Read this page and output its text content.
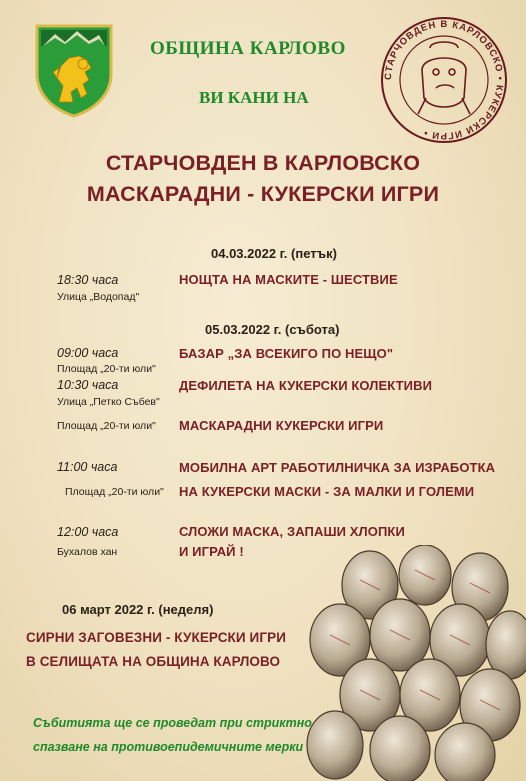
СТАРЧОВДЕН В КАРЛОВСКО • КУКЕРСКИ ИГРИ •
ОБЩИНА КАРЛОВО
ВИ КАНИ НА
СТАРЧОВДЕН В КАРЛОВСКО
МАСКАРАДНИ - КУКЕРСКИ ИГРИ
04.03.2022 г. (петък)
18:30 часа
Улица „Водопад"
НОЩТА НА МАСКИТЕ - ШЕСТВИЕ
05.03.2022 г. (събота)
09:00 часа
Площад „20-ти юли"
БАЗАР „ЗА ВСЕКИГО ПО НЕЩО"
10:30 часа
Улица „Петко Събев"
ДЕФИЛЕТА НА КУКЕРСКИ КОЛЕКТИВИ
Площад „20-ти юли" МАСКАРАДНИ КУКЕРСКИ ИГРИ
11:00 часа
Площад „20-ти юли"
МОБИЛНА АРТ РАБОТИЛНИЧКА ЗА ИЗРАБОТКА
НА КУКЕРСКИ МАСКИ - ЗА МАЛКИ И ГОЛЕМИ
12:00 часа
Бухалов хан
СЛОЖИ МАСКА, ЗАПАШИ ХЛОПКИ
И ИГРАЙ !
06 март 2022 г. (неделя)
СИРНИ ЗАГОВЕЗНИ - КУКЕРСКИ ИГРИ
В СЕЛИЩАТА НА ОБЩИНА КАРЛОВО
Събитията ще се проведат при стриктно
спазване на противоепидемичните мерки
